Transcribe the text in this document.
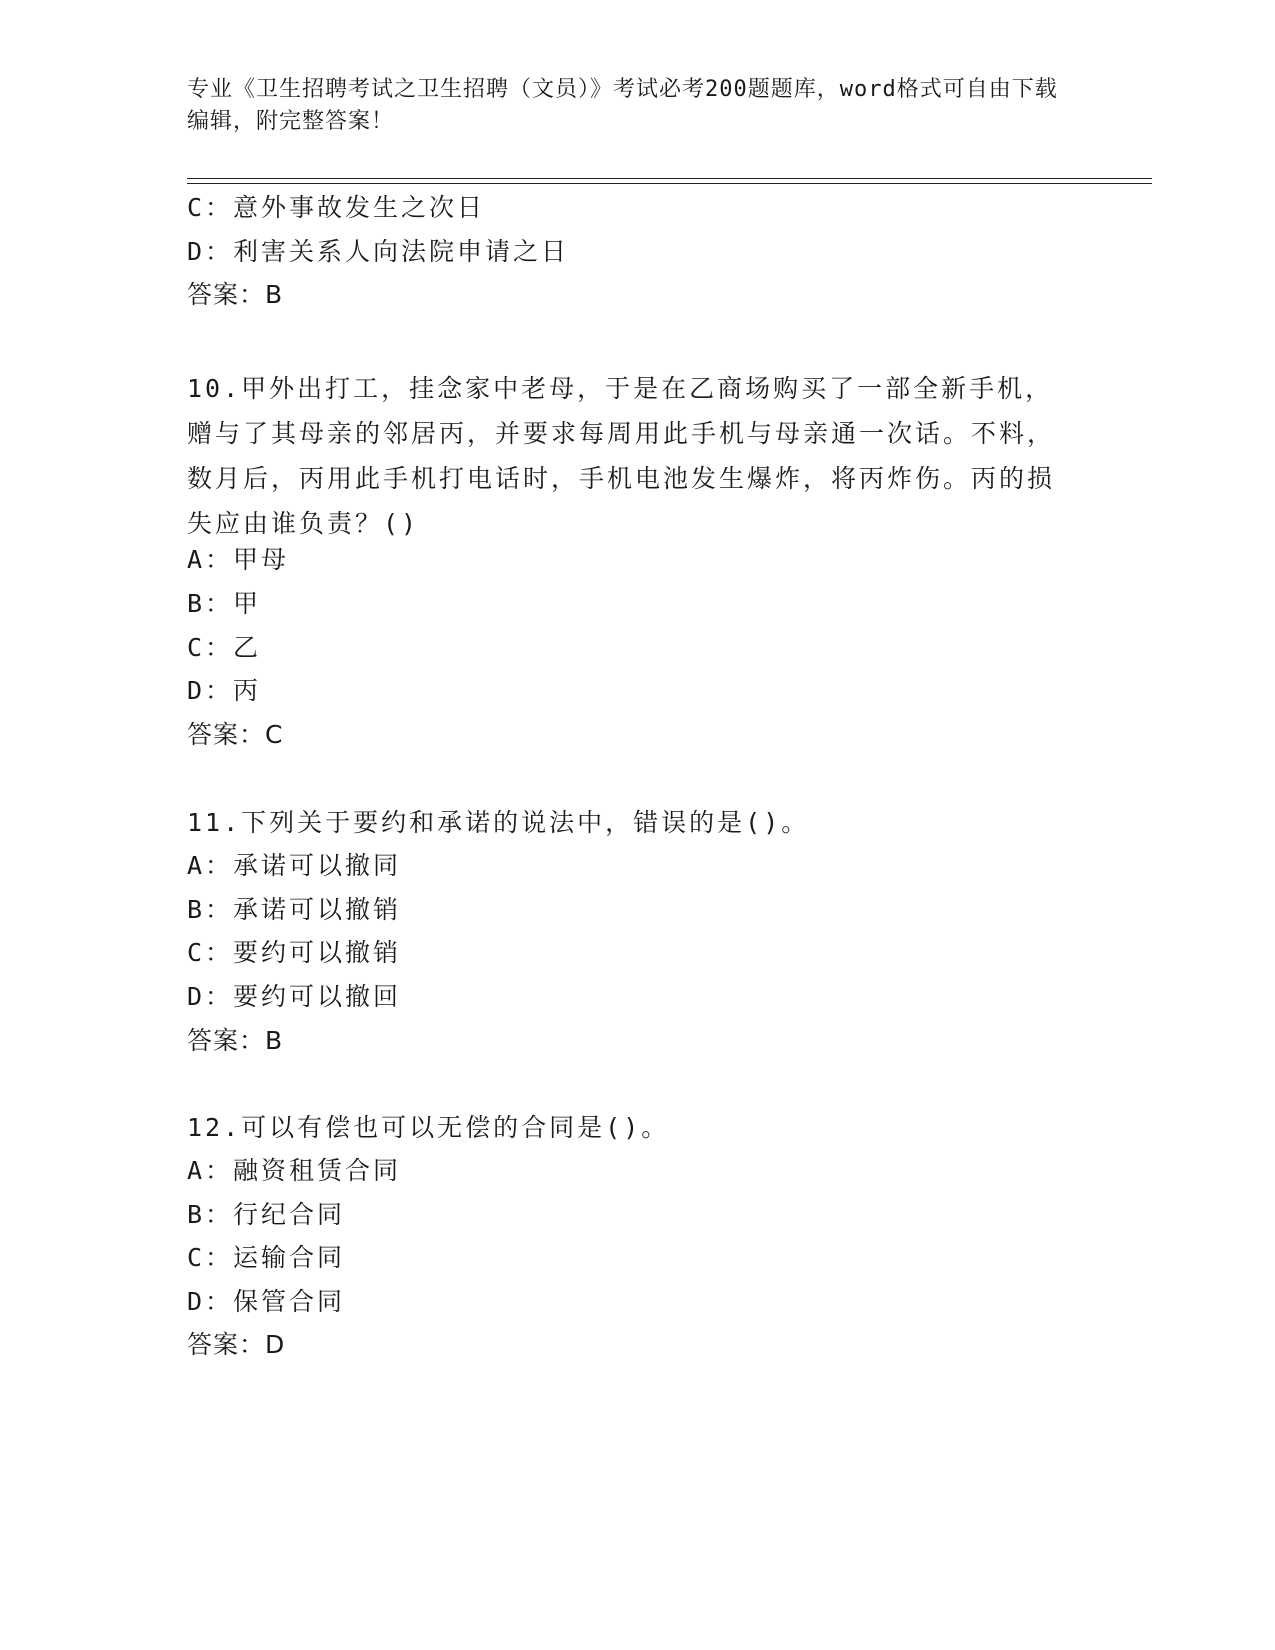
专业《卫生招聘考试之卫生招聘（文员）》考试必考200题题库，word格式可自由下载编辑，附完整答案！
C：意外事故发生之次日
D：利害关系人向法院申请之日
答案：B
10.甲外出打工，挂念家中老母，于是在乙商场购买了一部全新手机，赠与了其母亲的邻居丙，并要求每周用此手机与母亲通一次话。不料，数月后，丙用此手机打电话时，手机电池发生爆炸，将丙炸伤。丙的损失应由谁负责？()
A：甲母
B：甲
C：乙
D：丙
答案：C
11.下列关于要约和承诺的说法中，错误的是()。
A：承诺可以撤同
B：承诺可以撤销
C：要约可以撤销
D：要约可以撤回
答案：B
12.可以有偿也可以无偿的合同是()。
A：融资租赁合同
B：行纪合同
C：运输合同
D：保管合同
答案：D
